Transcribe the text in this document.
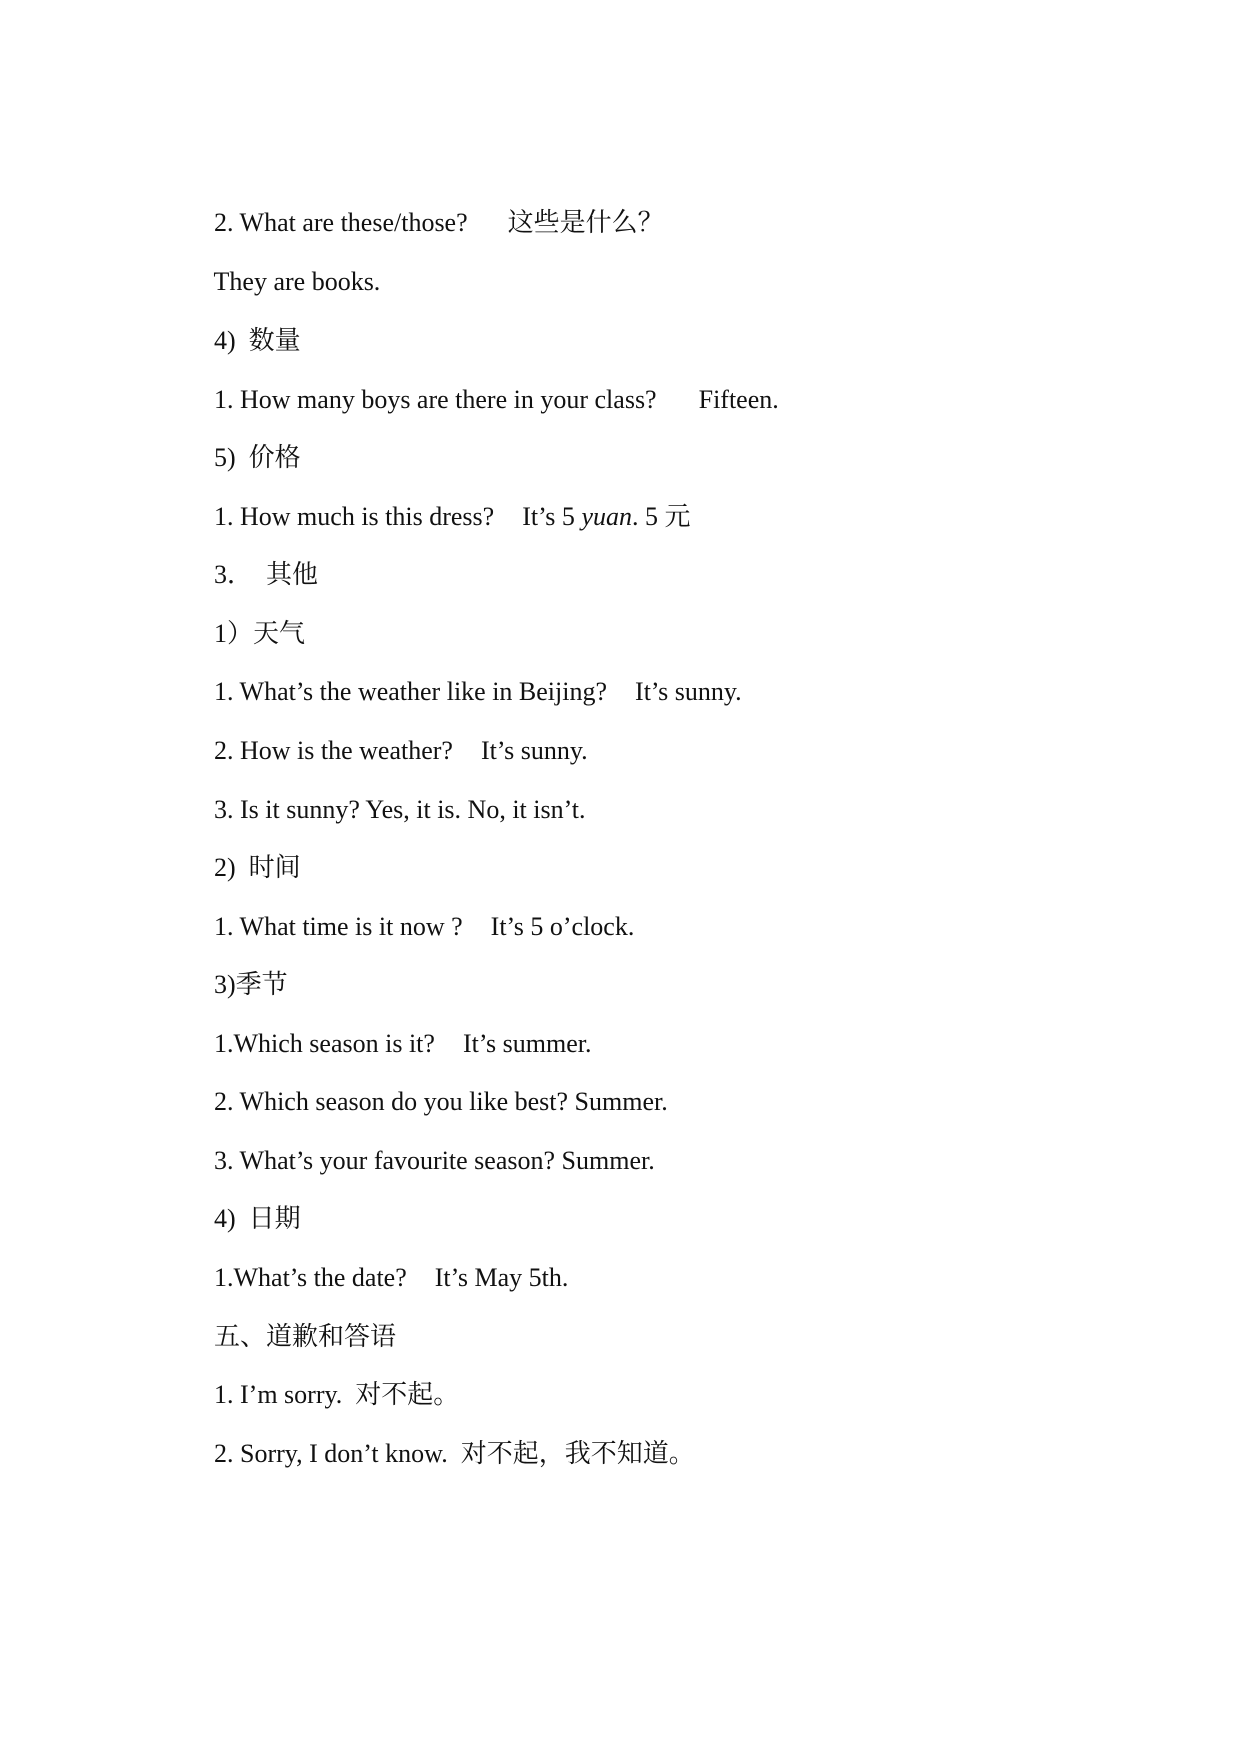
2. What are these/those? 这些是什么？

They are books.

4)  数量

1. How many boys are there in your class? Fifteen.

5)  价格

1. How much is this dress? It’s 5 yuan. 5 元

3．  其他

1）天气

1. What’s the weather like in Beijing? It’s sunny.

2. How is the weather? It’s sunny.

3. Is it sunny? Yes, it is. No, it isn’t.

2)  时间

1. What time is it now ? It’s 5 o’clock.

3)季节

1.Which season is it? It’s summer.

2. Which season do you like best? Summer.

3. What’s your favourite season? Summer.

4)  日期

1.What’s the date? It’s May 5th.

五、道歉和答语

1. I’m sorry.  对不起。

2. Sorry, I don’t know.  对不起，我不知道。
